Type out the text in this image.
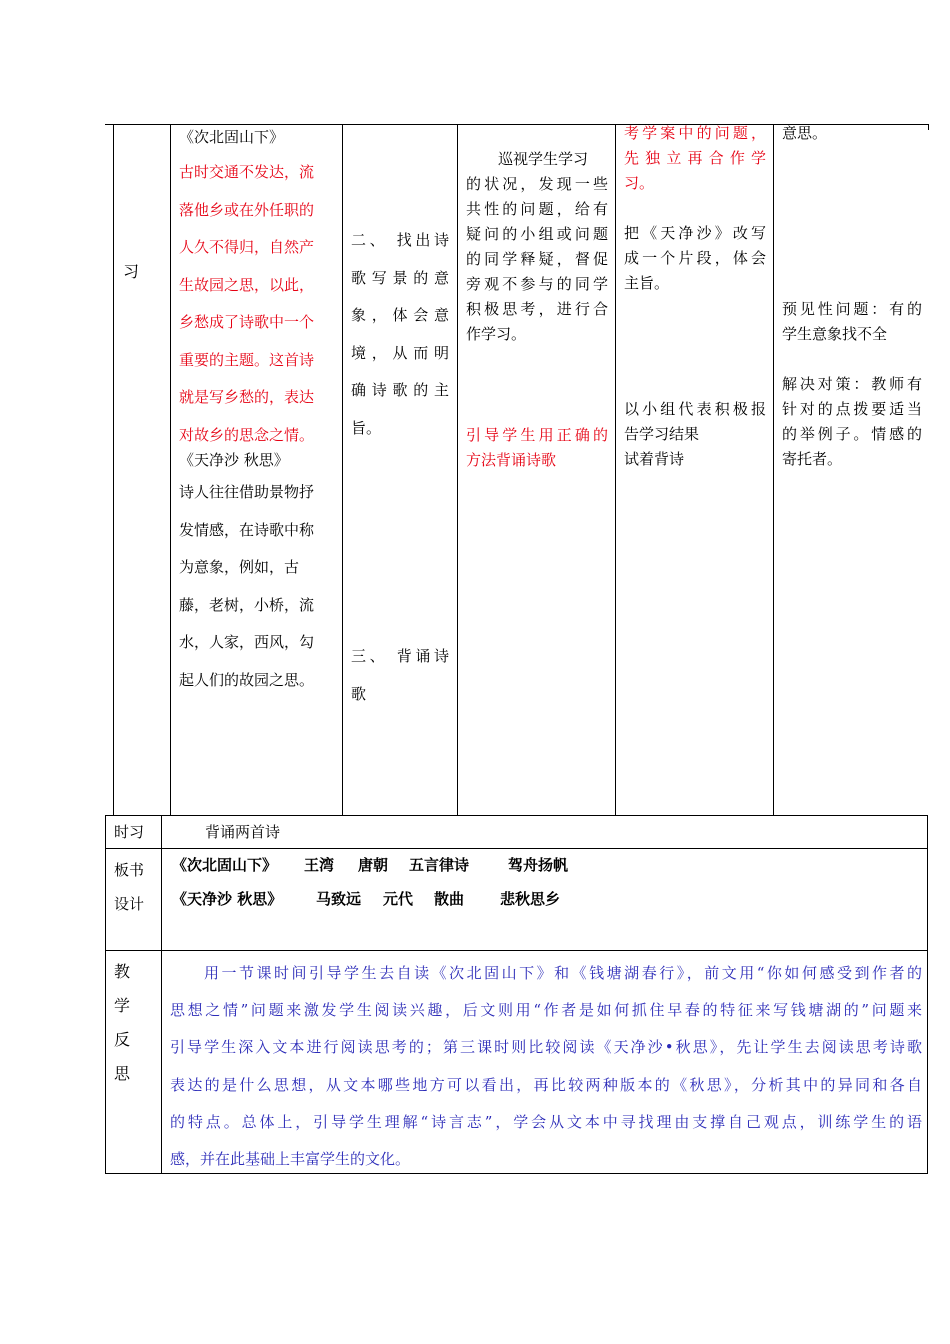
习

《次北固山下》

古时交通不发达，流

落他乡或在外任职的

人久不得归，自然产

生故园之思，以此，

乡愁成了诗歌中一个

重要的主题。这首诗

就是写乡愁的，表达

对故乡的思念之情。

《天净沙 秋思》

诗人往往借助景物抒

发情感，在诗歌中称

为意象，例如，古

藤，老树，小桥，流

水，人家，西风，勾

起人们的故园之思。

二、 找出诗

歌写景的意

象，体会意

境，从而明

确诗歌的主

旨。

三、 背诵诗

歌

巡视学生学习

的状况，发现一些

共性的问题，给有

疑问的小组或问题

的同学释疑，督促

旁观不参与的同学

积极思考，进行合

作学习。

引导学生用正确的

方法背诵诗歌

考学案中的问题，

先独立再合作学

习。

把《天净沙》改写

成一个片段，体会

主旨。

以小组代表积极报

告学习结果

试着背诗

意思。

预见性问题：有的

学生意象找不全

解决对策：教师有

针对的点拨要适当

的举例子。情感的

寄托者。

时习	背诵两首诗

板书

设计

《次北固山下》 王湾 唐朝 五言律诗	驾舟扬帆
《天净沙 秋思》 马致远 元代 散曲 悲秋思乡

教

学

反

思

用一节课时间引导学生去自读《次北固山下》和《钱塘湖春行》，前文用“你如何感受到作者的

思想之情”问题来激发学生阅读兴趣，后文则用“作者是如何抓住早春的特征来写钱塘湖的”问题来

引导学生深入文本进行阅读思考的；第三课时则比较阅读《天净沙•秋思》，先让学生去阅读思考诗歌

表达的是什么思想，从文本哪些地方可以看出，再比较两种版本的《秋思》，分析其中的异同和各自

的特点。总体上，引导学生理解“诗言志”，学会从文本中寻找理由支撑自己观点，训练学生的语

感，并在此基础上丰富学生的文化。
